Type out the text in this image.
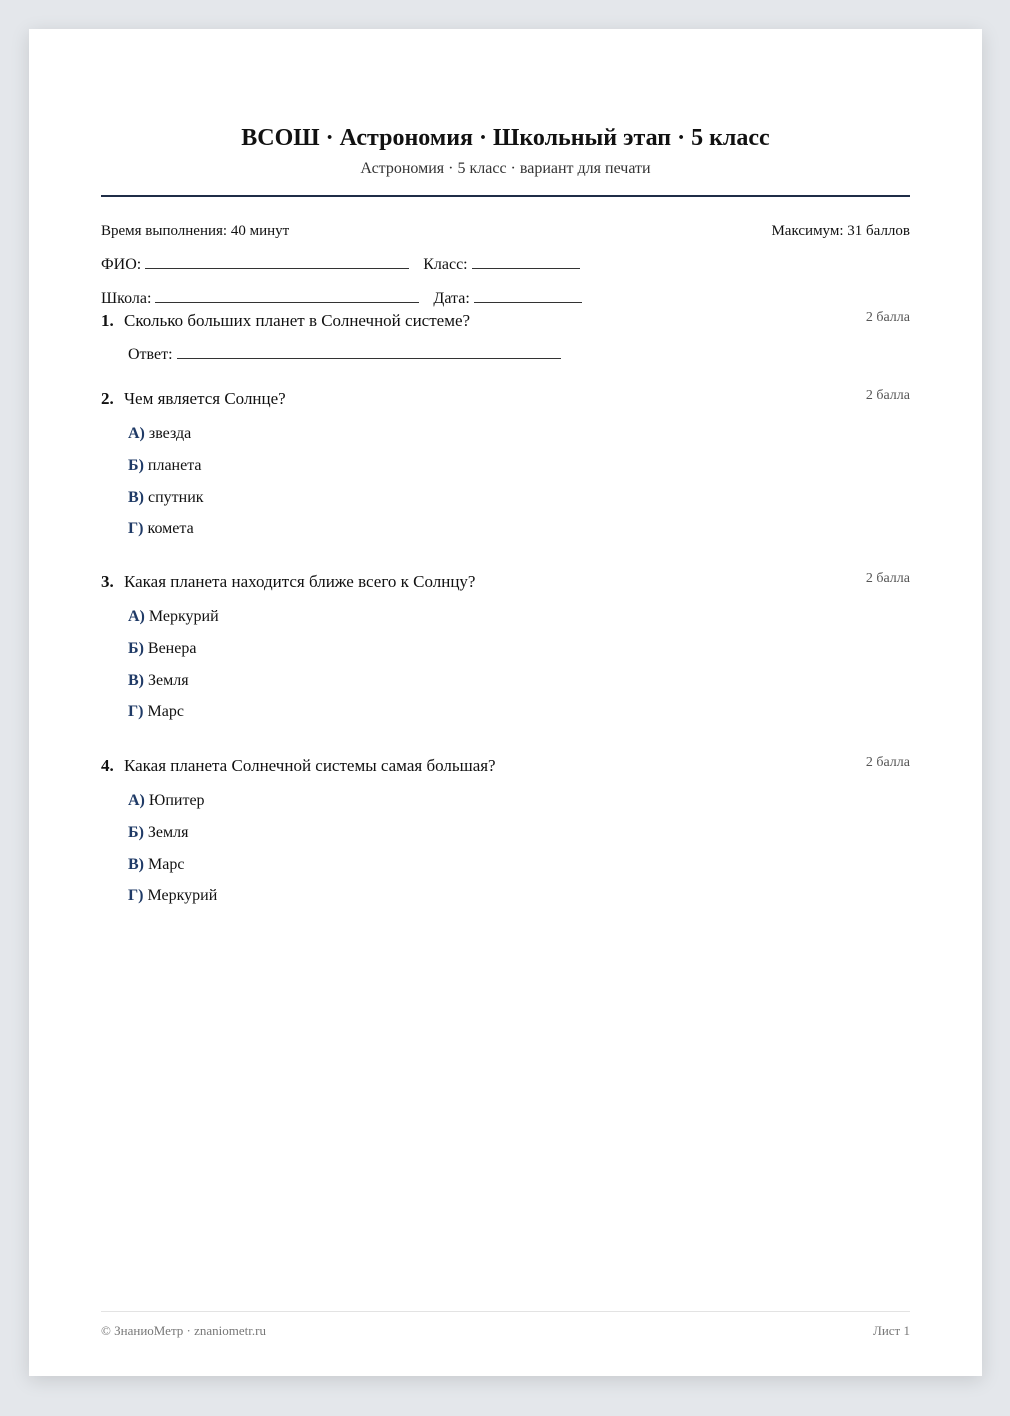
ВСОШ · Астрономия · Школьный этап · 5 класс
Астрономия · 5 класс · вариант для печати
Время выполнения: 40 минут	Максимум: 31 баллов
ФИО:	Класс:
Школа:	Дата:
1. Сколько больших планет в Солнечной системе?	2 балла
Ответ:
2. Чем является Солнце?	2 балла
А) звезда
Б) планета
В) спутник
Г) комета
3. Какая планета находится ближе всего к Солнцу?	2 балла
А) Меркурий
Б) Венера
В) Земля
Г) Марс
4. Какая планета Солнечной системы самая большая?	2 балла
А) Юпитер
Б) Земля
В) Марс
Г) Меркурий
© ЗнаниоМетр · znaniometr.ru	Лист 1
